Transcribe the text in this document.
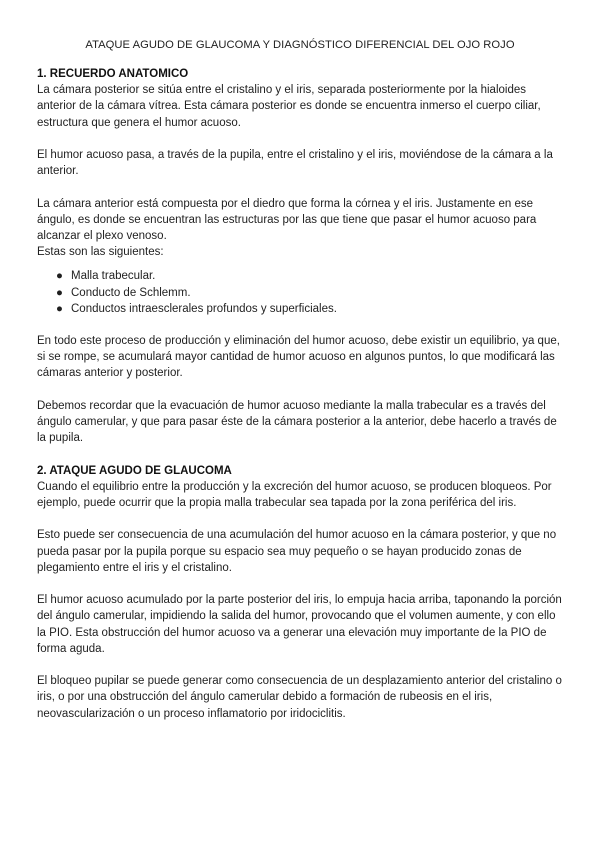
ATAQUE AGUDO DE GLAUCOMA Y DIAGNÓSTICO DIFERENCIAL DEL OJO ROJO
1. RECUERDO ANATOMICO

La cámara posterior se sitúa entre el cristalino y el iris, separada posteriormente por la hialoides anterior de la cámara vítrea. Esta cámara posterior es donde se encuentra inmerso el cuerpo ciliar, estructura que genera el humor acuoso.

El humor acuoso pasa, a través de la pupila, entre el cristalino y el iris, moviéndose de la cámara a la anterior.

La cámara anterior está compuesta por el diedro que forma la córnea y el iris. Justamente en ese ángulo, es donde se encuentran las estructuras por las que tiene que pasar el humor acuoso para alcanzar el plexo venoso.

Estas son las siguientes:

● Malla trabecular.
● Conducto de Schlemm.
● Conductos intraesclerales profundos y superficiales.

En todo este proceso de producción y eliminación del humor acuoso, debe existir un equilibrio, ya que, si se rompe, se acumulará mayor cantidad de humor acuoso en algunos puntos, lo que modificará las cámaras anterior y posterior.

Debemos recordar que la evacuación de humor acuoso mediante la malla trabecular es a través del ángulo camerular, y que para pasar éste de la cámara posterior a la anterior, debe hacerlo a través de la pupila.

2. ATAQUE AGUDO DE GLAUCOMA

Cuando el equilibrio entre la producción y la excreción del humor acuoso, se producen bloqueos. Por ejemplo, puede ocurrir que la propia malla trabecular sea tapada por la zona periférica del iris.

Esto puede ser consecuencia de una acumulación del humor acuoso en la cámara posterior, y que no pueda pasar por la pupila porque su espacio sea muy pequeño o se hayan producido zonas de plegamiento entre el iris y el cristalino.

El humor acuoso acumulado por la parte posterior del iris, lo empuja hacia arriba, taponando la porción del ángulo camerular, impidiendo la salida del humor, provocando que el volumen aumente, y con ello la PIO. Esta obstrucción del humor acuoso va a generar una elevación muy importante de la PIO de forma aguda.

El bloqueo pupilar se puede generar como consecuencia de un desplazamiento anterior del cristalino o iris, o por una obstrucción del ángulo camerular debido a formación de rubeosis en el iris, neovascularización o un proceso inflamatorio por iridociclitis.
